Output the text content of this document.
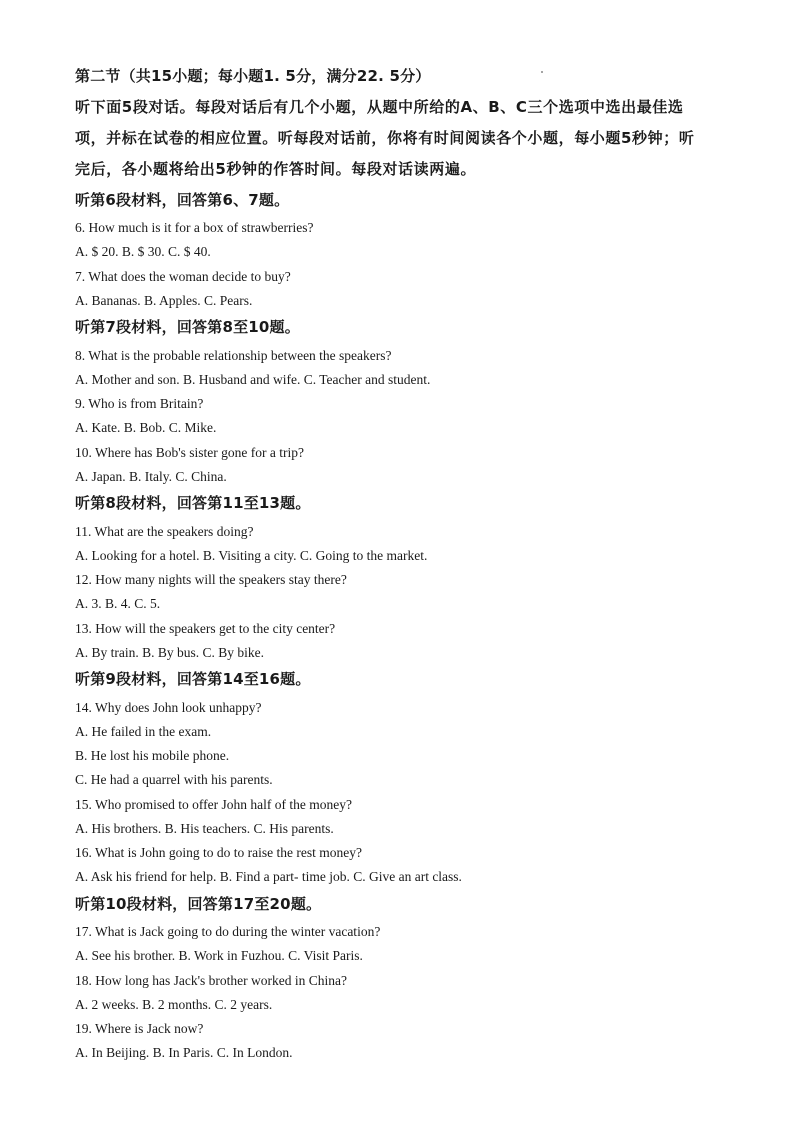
第二节（共15小题；每小题1. 5分，满分22. 5分）
听下面5段对话。每段对话后有几个小题，从题中所给的A、B、C三个选项中选出最佳选
项，并标在试卷的相应位置。听每段对话前，你将有时间阅读各个小题，每小题5秒钟；听
完后，各小题将给出5秒钟的作答时间。每段对话读两遍。
听第6段材料，回答第6、7题。
6. How much is it for a box of strawberries?
A. $ 20. B. $ 30. C. $ 40.
7. What does the woman decide to buy?
A. Bananas. B. Apples. C. Pears.
听第7段材料，回答第8至10题。
8. What is the probable relationship between the speakers?
A. Mother and son. B. Husband and wife. C. Teacher and student.
9. Who is from Britain?
A. Kate. B. Bob. C. Mike.
10. Where has Bob's sister gone for a trip?
A. Japan. B. Italy. C. China.
听第8段材料，回答第11至13题。
11. What are the speakers doing?
A. Looking for a hotel. B. Visiting a city. C. Going to the market.
12. How many nights will the speakers stay there?
A. 3. B. 4. C. 5.
13. How will the speakers get to the city center?
A. By train. B. By bus. C. By bike.
听第9段材料，回答第14至16题。
14. Why does John look unhappy?
A. He failed in the exam.
B. He lost his mobile phone.
C. He had a quarrel with his parents.
15. Who promised to offer John half of the money?
A. His brothers. B. His teachers. C. His parents.
16. What is John going to do to raise the rest money?
A. Ask his friend for help. B. Find a part- time job. C. Give an art class.
听第10段材料，回答第17至20题。
17. What is Jack going to do during the winter vacation?
A. See his brother. B. Work in Fuzhou. C. Visit Paris.
18. How long has Jack's brother worked in China?
A. 2 weeks. B. 2 months. C. 2 years.
19. Where is Jack now?
A. In Beijing. B. In Paris. C. In London.
